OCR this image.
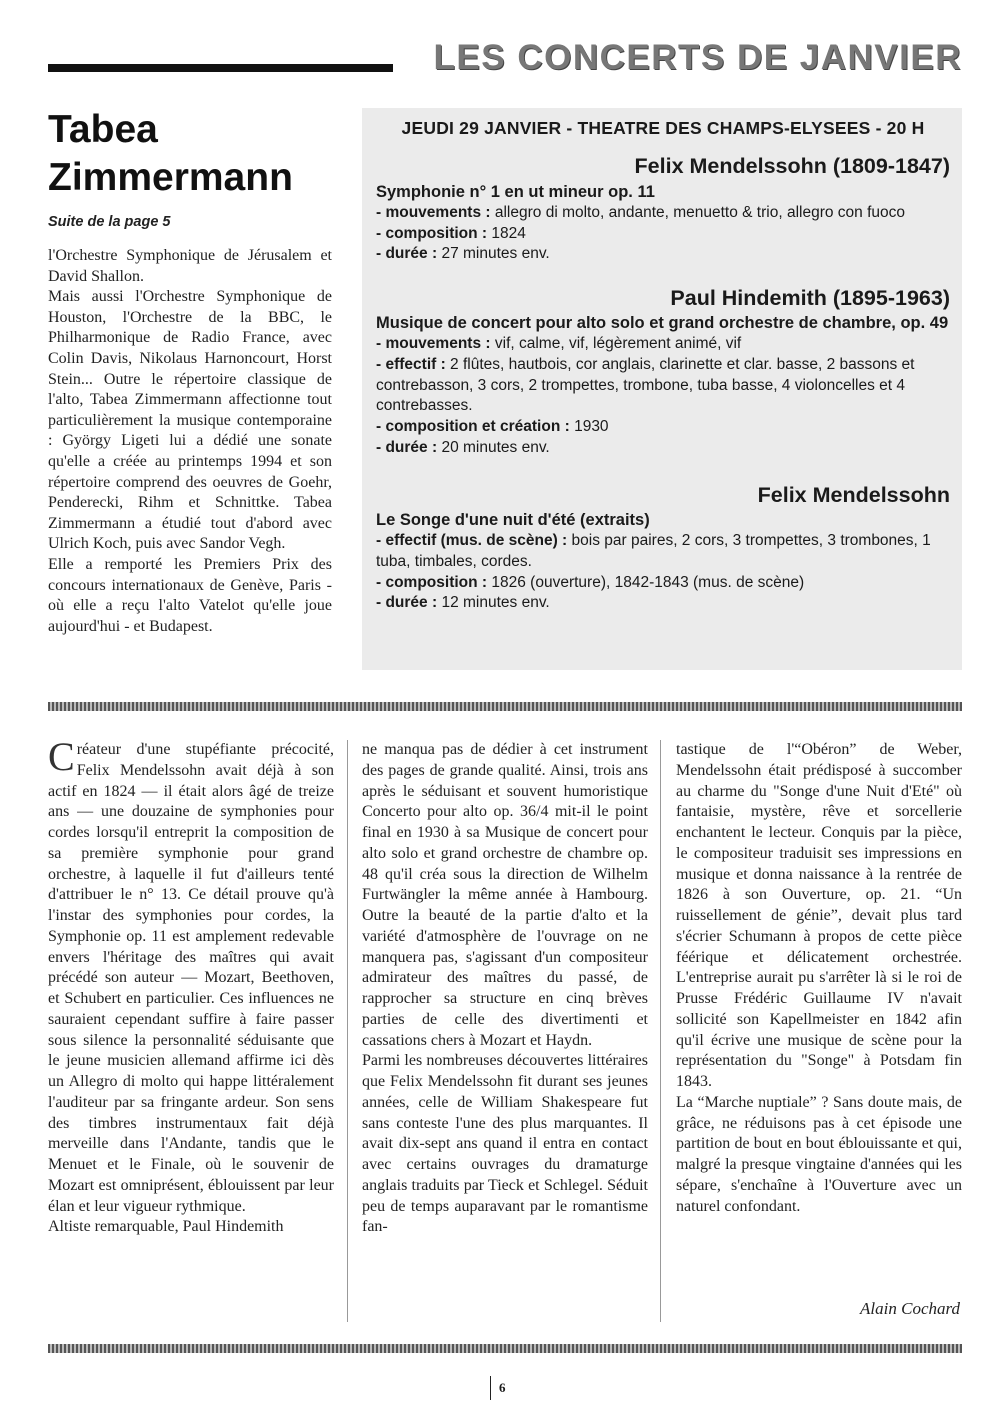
LES CONCERTS DE JANVIER
Tabea Zimmermann
Suite de la page 5

l'Orchestre Symphonique de Jérusalem et David Shallon.

Mais aussi l'Orchestre Symphonique de Houston, l'Orchestre de la BBC, le Philharmonique de Radio France, avec Colin Davis, Nikolaus Harnoncourt, Horst Stein... Outre le répertoire classique de l'alto, Tabea Zimmermann affectionne tout particulièrement la musique contemporaine : György Ligeti lui a dédié une sonate qu'elle a créée au printemps 1994 et son répertoire comprend des oeuvres de Goehr, Penderecki, Rihm et Schnittke. Tabea Zimmermann a étudié tout d'abord avec Ulrich Koch, puis avec Sandor Vegh.

Elle a remporté les Premiers Prix des concours internationaux de Genève, Paris - où elle a reçu l'alto Vatelot qu'elle joue aujourd'hui - et Budapest.

JEUDI 29 JANVIER - THEATRE DES CHAMPS-ELYSEES - 20 H
Felix Mendelssohn (1809-1847)
Symphonie n° 1 en ut mineur op. 11
- mouvements : allegro di molto, andante, menuetto & trio, allegro con fuoco
- composition : 1824
- durée : 27 minutes env.
Paul Hindemith (1895-1963)
Musique de concert pour alto solo et grand orchestre de chambre, op. 49
- mouvements : vif, calme, vif, légèrement animé, vif
- effectif : 2 flûtes, hautbois, cor anglais, clarinette et clar. basse, 2 bassons et contrebasson, 3 cors, 2 trompettes, trombone, tuba basse, 4 violoncelles et 4 contrebasses.
- composition et création : 1930
- durée : 20 minutes env.
Felix Mendelssohn
Le Songe d'une nuit d'été (extraits)
- effectif (mus. de scène) : bois par paires, 2 cors, 3 trompettes, 3 trombones, 1 tuba, timbales, cordes.
- composition : 1826 (ouverture), 1842-1843 (mus. de scène)
- durée : 12 minutes env.

Créateur d'une stupéfiante précocité, Felix Mendelssohn avait déjà à son actif en 1824 — il était alors âgé de treize ans — une douzaine de symphonies pour cordes lorsqu'il entreprit la composition de sa première symphonie pour grand orchestre, à laquelle il fut d'ailleurs tenté d'attribuer le n° 13. Ce détail prouve qu'à l'instar des symphonies pour cordes, la Symphonie op. 11 est amplement redevable envers l'héritage des maîtres qui avait précédé son auteur — Mozart, Beethoven, et Schubert en particulier. Ces influences ne sauraient cependant suffire à faire passer sous silence la personnalité séduisante que le jeune musicien allemand affirme ici dès un Allegro di molto qui happe littéralement l'auditeur par sa fringante ardeur. Son sens des timbres instrumentaux fait déjà merveille dans l'Andante, tandis que le Menuet et le Finale, où le souvenir de Mozart est omniprésent, éblouissent par leur élan et leur vigueur rythmique.

Altiste remarquable, Paul Hindemith

ne manqua pas de dédier à cet instrument des pages de grande qualité. Ainsi, trois ans après le séduisant et souvent humoristique Concerto pour alto op. 36/4 mit-il le point final en 1930 à sa Musique de concert pour alto solo et grand orchestre de chambre op. 48 qu'il créa sous la direction de Wilhelm Furtwängler la même année à Hambourg. Outre la beauté de la partie d'alto et la variété d'atmosphère de l'ouvrage on ne manquera pas, s'agissant d'un compositeur admirateur des maîtres du passé, de rapprocher sa structure en cinq brèves parties de celle des divertimenti et cassations chers à Mozart et Haydn.

Parmi les nombreuses découvertes littéraires que Felix Mendelssohn fit durant ses jeunes années, celle de William Shakespeare fut sans conteste l'une des plus marquantes. Il avait dix-sept ans quand il entra en contact avec certains ouvrages du dramaturge anglais traduits par Tieck et Schlegel. Séduit peu de temps auparavant par le romantisme fan-

tastique de l'“Obéron” de Weber, Mendelssohn était prédisposé à succomber au charme du "Songe d'une Nuit d'Eté" où fantaisie, mystère, rêve et sorcellerie enchantent le lecteur. Conquis par la pièce, le compositeur traduisit ses impressions en musique et donna naissance à la rentrée de 1826 à son Ouverture, op. 21. “Un ruissellement de génie”, devait plus tard s'écrier Schumann à propos de cette pièce féérique et délicatement orchestrée. L'entreprise aurait pu s'arrêter là si le roi de Prusse Frédéric Guillaume IV n'avait sollicité son Kapellmeister en 1842 afin qu'il écrive une musique de scène pour la représentation du "Songe" à Potsdam fin 1843.

La “Marche nuptiale” ? Sans doute mais, de grâce, ne réduisons pas à cet épisode une partition de bout en bout éblouissante et qui, malgré la presque vingtaine d'années qui les sépare, s'enchaîne à l'Ouverture avec un naturel confondant.

Alain Cochard
6
